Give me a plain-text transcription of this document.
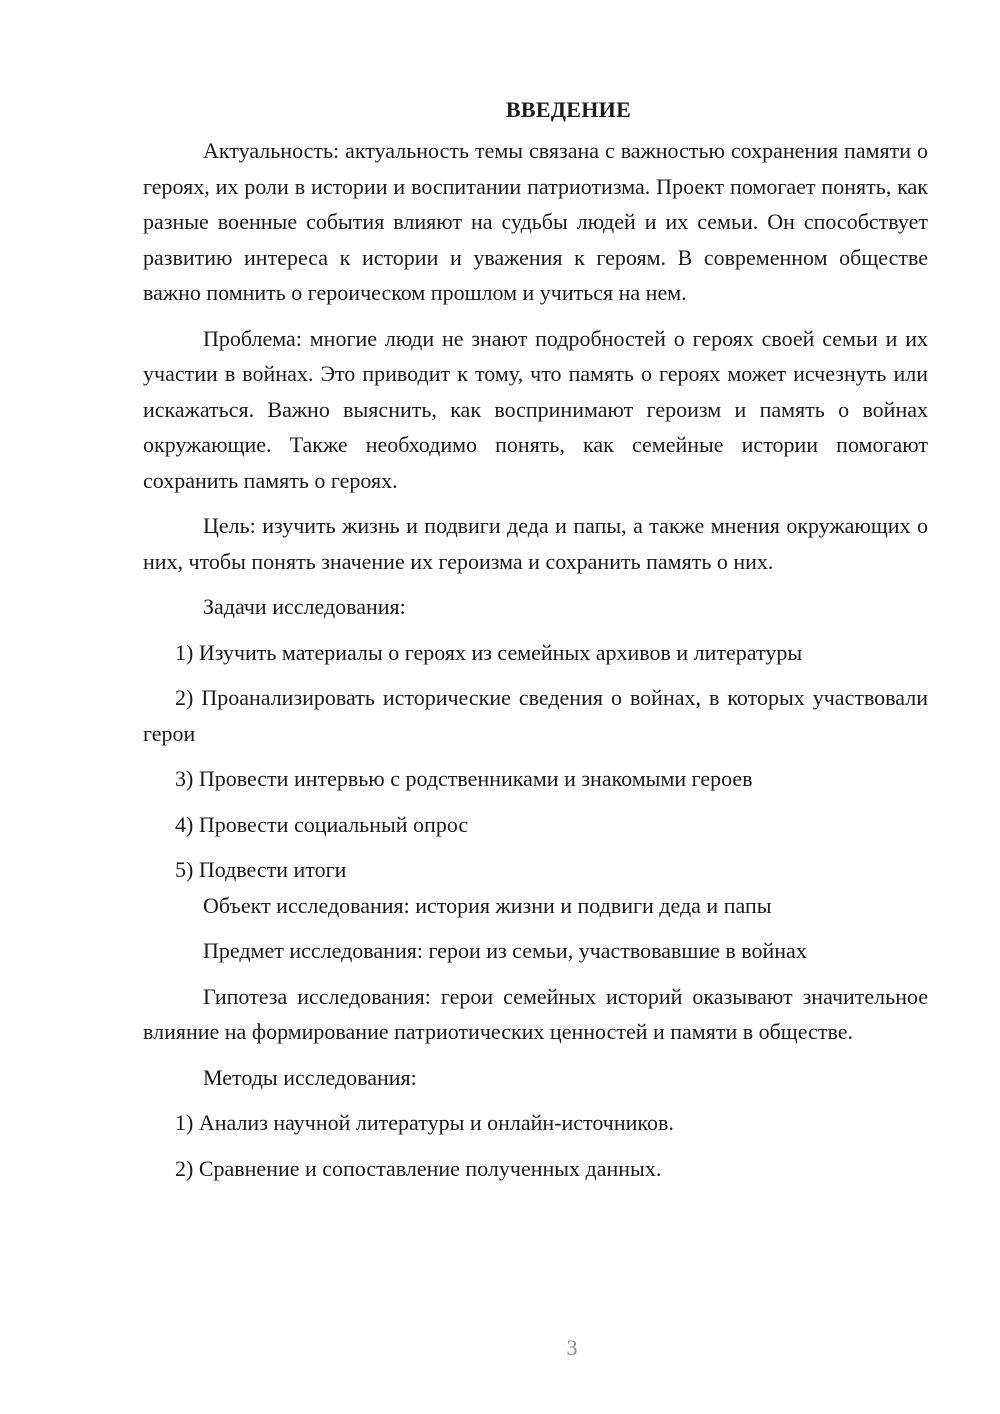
ВВЕДЕНИЕ

Актуальность: актуальность темы связана с важностью сохранения памяти о героях, их роли в истории и воспитании патриотизма. Проект помогает понять, как разные военные события влияют на судьбы людей и их семьи. Он способствует развитию интереса к истории и уважения к героям. В современном обществе важно помнить о героическом прошлом и учиться на нем.

Проблема: многие люди не знают подробностей о героях своей семьи и их участии в войнах. Это приводит к тому, что память о героях может исчезнуть или искажаться. Важно выяснить, как воспринимают героизм и память о войнах окружающие. Также необходимо понять, как семейные истории помогают сохранить память о героях.

Цель: изучить жизнь и подвиги деда и папы, а также мнения окружающих о них, чтобы понять значение их героизма и сохранить память о них.

Задачи исследования:
1) Изучить материалы о героях из семейных архивов и литературы

2) Проанализировать исторические сведения о войнах, в которых участвовали герои

3) Провести интервью с родственниками и знакомыми героев
4) Провести социальный опрос
5) Подвести итоги
Объект исследования: история жизни и подвиги деда и папы
Предмет исследования: герои из семьи, участвовавшие в войнах

Гипотеза исследования: герои семейных историй оказывают значительное влияние на формирование патриотических ценностей и памяти в обществе.

Методы исследования:
1) Анализ научной литературы и онлайн-источников.
2) Сравнение и сопоставление полученных данных.
3
